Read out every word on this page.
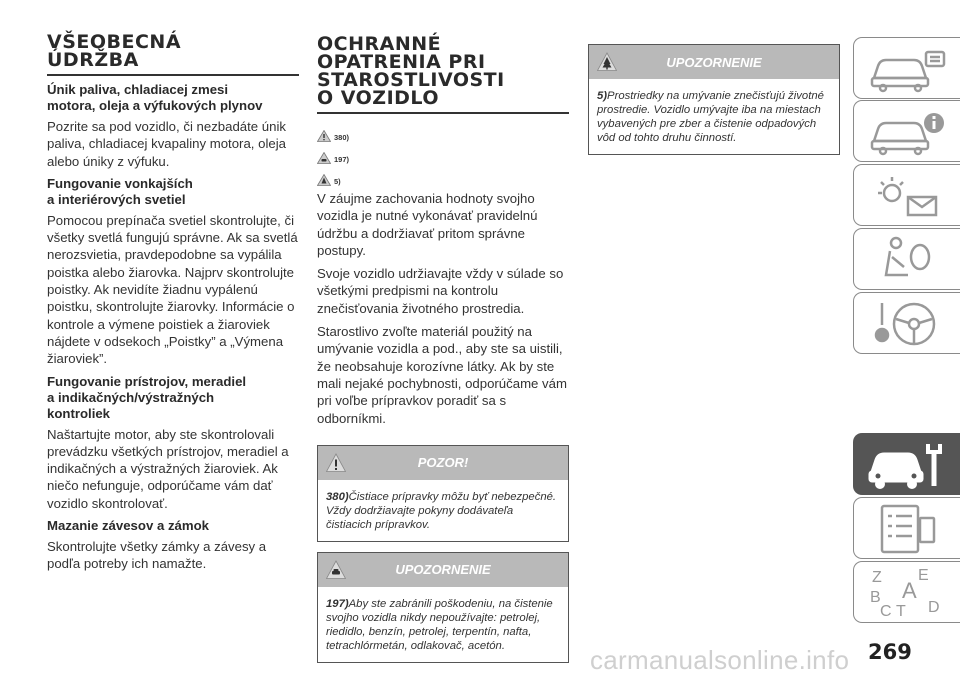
VŠEOBECNÁ
ÚDRŽBA
Únik paliva, chladiacej zmesi
motora, oleja a výfukových plynov

Pozrite sa pod vozidlo, či nezbadáte únik paliva, chladiacej kvapaliny motora, oleja alebo úniky z výfuku.

Fungovanie vonkajších
a interiérových svetiel

Pomocou prepínača svetiel skontrolujte, či všetky svetlá fungujú správne. Ak sa svetlá nerozsvietia, pravdepodobne sa vypálila poistka alebo žiarovka. Najprv skontrolujte poistky. Ak nevidíte žiadnu vypálenú poistku, skontrolujte žiarovky. Informácie o kontrole a výmene poistiek a žiaroviek nájdete v odsekoch „Poistky” a „Výmena žiaroviek”.

Fungovanie prístrojov, meradiel
a indikačných/výstražných
kontroliek

Naštartujte motor, aby ste skontrolovali prevádzku všetkých prístrojov, meradiel a indikačných a výstražných žiaroviek. Ak niečo nefunguje, odporúčame vám dať vozidlo skontrolovať.

Mazanie závesov a zámok

Skontrolujte všetky zámky a závesy a podľa potreby ich namažte.

OCHRANNÉ
OPATRENIA PRI
STAROSTLIVOSTI
O VOZIDLO
380)
197)
5)

V záujme zachovania hodnoty svojho vozidla je nutné vykonávať pravidelnú údržbu a dodržiavať pritom správne postupy.

Svoje vozidlo udržiavajte vždy v súlade so všetkými predpismi na kontrolu znečisťovania životného prostredia.

Starostlivo zvoľte materiál použitý na umývanie vozidla a pod., aby ste sa uistili, že neobsahuje korozívne látky. Ak by ste mali nejaké pochybnosti, odporúčame vám pri voľbe prípravkov poradiť sa s odborníkmi.

POZOR!
380)Čistiace prípravky môžu byť nebezpečné. Vždy dodržiavajte pokyny dodávateľa čistiacich prípravkov.
UPOZORNENIE
197)Aby ste zabránili poškodeniu, na čistenie svojho vozidla nikdy nepoužívajte: petrolej, riedidlo, benzín, petrolej, terpentín, nafta, tetrachlórmetán, odlakovač, acetón.
UPOZORNENIE
5)Prostriedky na umývanie znečisťujú životné prostredie. Vozidlo umývajte iba na miestach vybavených pre zber a čistenie odpadových vôd od tohto druhu činností.
Z E
A
B
C T D
269
carmanualsonline.info
